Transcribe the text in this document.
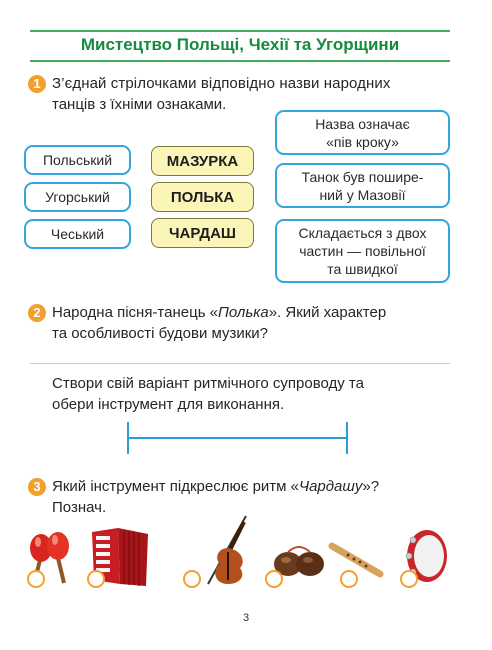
Мистецтво Польщі, Чехії та Угорщини
1 З’єднай стрілочками відповідно назви народних
танців з їхніми ознаками.
Польський
Угорський
Чеський
МАЗУРКА
ПОЛЬКА
ЧАРДАШ
Назва означає
«пів кроку»
Танок був поширe-
ний у Мазовії
Складається з двох
частин — повільної
та швидкої
2 Народна пісня-танець «Полька». Який характер
та особливості будови музики?
Створи свій варіант ритмічного супроводу та
обери інструмент для виконання.
3 Який інструмент підкреслює ритм «Чардашу»?
Познач.
3
